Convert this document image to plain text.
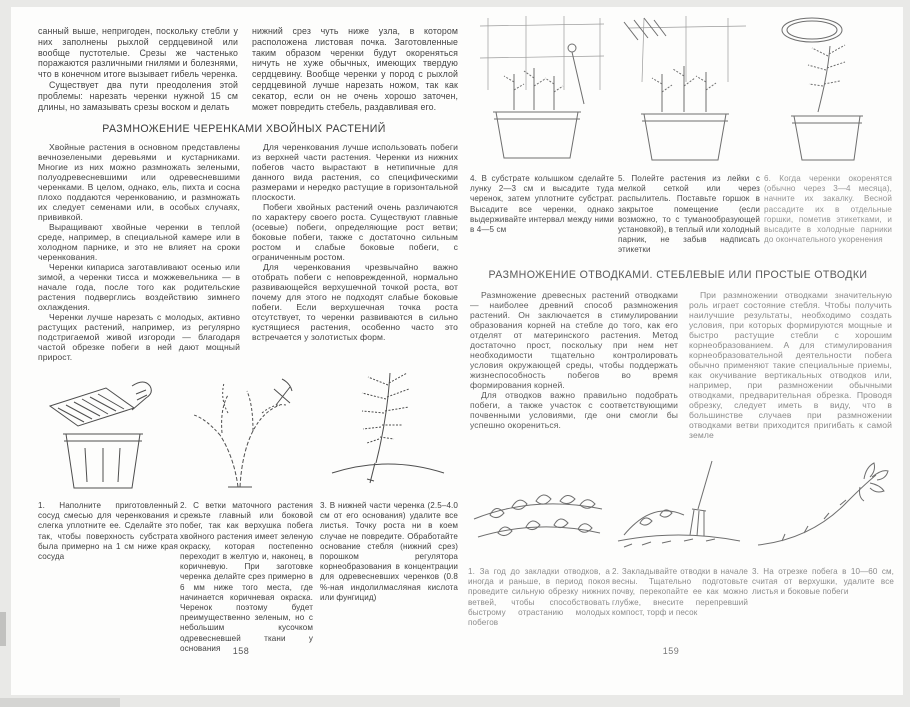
санный выше, непригоден, поскольку стебли у них заполнены рыхлой сердцевиной или вообще пустотелые. Срезы же частенько поражаются различными гнилями и болезнями, что в конечном итоге вызывает гибель черенка.

Существует два пути преодоления этой проблемы: нарезать черенки нужной 15 см длины, но замазывать срезы воском и делать

нижний срез чуть ниже узла, в котором расположена листовая почка. Заготовленные таким образом черенки будут окореняться ничуть не хуже обычных, имеющих твердую сердцевину. Вообще черенки у пород с рыхлой сердцевиной лучше нарезать ножом, так как секатор, если он не очень хорошо заточен, может повредить стебель, раздавливая его.

РАЗМНОЖЕНИЕ ЧЕРЕНКАМИ ХВОЙНЫХ РАСТЕНИЙ

Хвойные растения в основном представлены вечнозелеными деревьями и кустарниками. Многие из них можно размножать зелеными, полуодревесневшими или одревесневшими черенками. В целом, однако, ель, пихта и сосна плохо поддаются черенкованию, и размножать их следует семенами или, в особых случаях, прививкой.

Выращивают хвойные черенки в теплой среде, например, в специальной камере или в холодном парнике, и это не влияет на сроки черенкования.

Черенки кипариса заготавливают осенью или зимой, а черенки тисса и можжевельника — в начале года, после того как родительские растения подверглись воздействию зимнего охлаждения.

Черенки лучше нарезать с молодых, активно растущих растений, например, из регулярно подстригаемой живой изгороди — благодаря частой обрезке побеги в ней дают мощный прирост.

Для черенкования лучше использовать побеги из верхней части растения. Черенки из нижних побегов часто вырастают в нетипичные для данного вида растения, со специфическими размерами и нередко растущие в горизонтальной плоскости.

Побеги хвойных растений очень различаются по характеру своего роста. Существуют главные (осевые) побеги, определяющие рост ветви; боковые побеги, также с достаточно сильным ростом и слабые боковые побеги, с ограниченным ростом.

Для черенкования чрезвычайно важно отобрать побеги с неповрежденной, нормально развивающейся верхушечной точкой роста, вот почему для этого не подходят слабые боковые побеги. Если верхушечная точка роста отсутствует, то черенки развиваются в сильно кустящиеся растения, особенно часто это встречается у золотистых форм.

1. Наполните приготовленный сосуд смесью для черенкования и слегка уплотните ее. Сделайте это так, чтобы поверхность субстрата была примерно на 1 см ниже края сосуда

2. С ветки маточного растения срежьте главный или боковой побег, так как верхушка побега хвойного растения имеет зеленую окраску, которая постепенно переходит в желтую и, наконец, в коричневую. При заготовке черенка делайте срез примерно в 6 мм ниже того места, где начинается коричневая окраска. Черенок поэтому будет преимущественно зеленым, но с небольшим кусочком одревесневшей ткани у основания

3. В нижней части черенка (2.5–4.0 см от его основания) удалите все листья. Точку роста ни в коем случае не повредите. Обработайте основание стебля (нижний срез) порошком регулятора корнеобразования в концентрации для одревесневших черенков (0.8 %-ная индолилмасляная кислота или фунгицид)

158

4. В субстрате колышком сделайте лунку 2—3 см и высадите туда черенок, затем уплотните субстрат. Высадите все черенки, однако выдерживайте интервал между ними в 4—5 см

5. Полейте растения из лейки с мелкой сеткой или через распылитель. Поставьте горшок в закрытое помещение (если возможно, то с туманообразующей установкой), в теплый или холодный парник, не забыв надписать этикетки

6. Когда черенки окоренятся (обычно через 3—4 месяца), начните их закалку. Весной рассадите их в отдельные горшки, пометив этикетками, и высадите в холодные парники до окончательного укоренения

РАЗМНОЖЕНИЕ ОТВОДКАМИ. СТЕБЛЕВЫЕ ИЛИ ПРОСТЫЕ ОТВОДКИ

Размножение древесных растений отводками — наиболее древний способ размножения растений. Он заключается в стимулировании образования корней на стебле до того, как его отделят от материнского растения. Метод достаточно прост, поскольку при нем нет необходимости тщательно контролировать условия окружающей среды, чтобы поддержать жизнеспособность побегов во время формирования корней.

Для отводков важно правильно подобрать побеги, а также участок с соответствующими почвенными условиями, где они смогли бы успешно окорениться.

При размножении отводками значительную роль играет состояние стебля. Чтобы получить наилучшие результаты, необходимо создать условия, при которых формируются мощные и быстро растущие стебли с хорошим корнеобразованием. А для стимулирования корнеобразовательной деятельности побега обычно применяют такие специальные приемы, как окучивание вертикальных отводков или, например, при размножении обычными отводками, предварительная обрезка. Проводя обрезку, следует иметь в виду, что в большинстве случаев при размножении отводками ветви приходится пригибать к самой земле

1. За год до закладки отводков, а иногда и раньше, в период покоя проведите сильную обрезку нижних ветвей, чтобы способствовать быстрому отрастанию молодых побегов

2. Закладывайте отводки в начале весны. Тщательно подготовьте почву, перекопайте ее как можно глубже, внесите перепревший компост, торф и песок

3. На отрезке побега в 10—60 см, считая от верхушки, удалите все листья и боковые побеги

159
